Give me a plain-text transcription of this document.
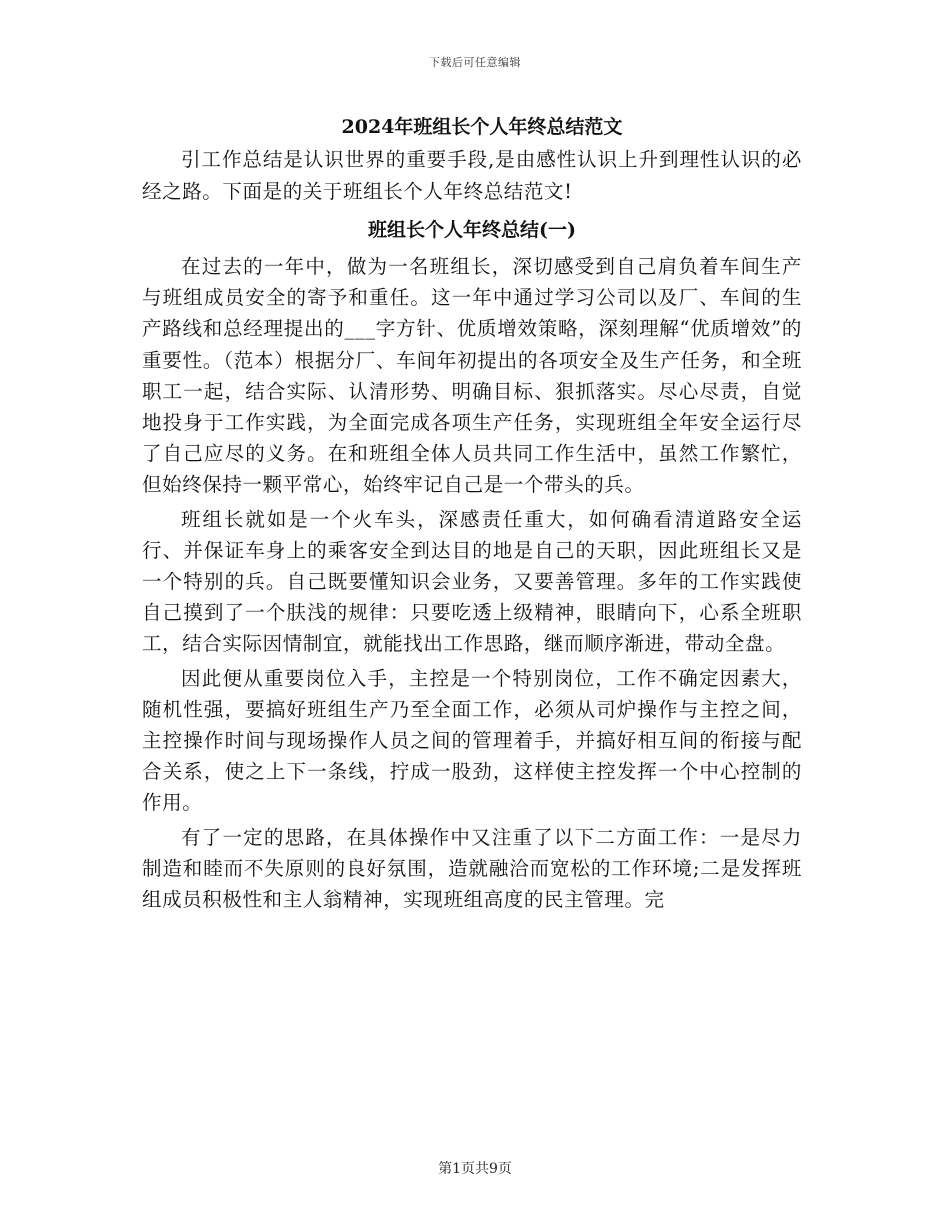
下载后可任意编辑
2024年班组长个人年终总结范文

引工作总结是认识世界的重要手段,是由感性认识上升到理性认识的必经之路。下面是的关于班组长个人年终总结范文!

班组长个人年终总结(一)

在过去的一年中，做为一名班组长，深切感受到自己肩负着车间生产与班组成员安全的寄予和重任。这一年中通过学习公司以及厂、车间的生产路线和总经理提出的___字方针、优质增效策略，深刻理解“优质增效”的重要性。（范本）根据分厂、车间年初提出的各项安全及生产任务，和全班职工一起，结合实际、认清形势、明确目标、狠抓落实。尽心尽责，自觉地投身于工作实践，为全面完成各项生产任务，实现班组全年安全运行尽了自己应尽的义务。在和班组全体人员共同工作生活中，虽然工作繁忙，但始终保持一颗平常心，始终牢记自己是一个带头的兵。

班组长就如是一个火车头，深感责任重大，如何确看清道路安全运行、并保证车身上的乘客安全到达目的地是自己的天职，因此班组长又是一个特别的兵。自己既要懂知识会业务，又要善管理。多年的工作实践使自己摸到了一个肤浅的规律：只要吃透上级精神，眼睛向下，心系全班职工，结合实际因情制宜，就能找出工作思路，继而顺序渐进，带动全盘。

因此便从重要岗位入手，主控是一个特别岗位，工作不确定因素大，随机性强，要搞好班组生产乃至全面工作，必须从司炉操作与主控之间，主控操作时间与现场操作人员之间的管理着手，并搞好相互间的衔接与配合关系，使之上下一条线，拧成一股劲，这样使主控发挥一个中心控制的作用。

有了一定的思路，在具体操作中又注重了以下二方面工作：一是尽力制造和睦而不失原则的良好氛围，造就融洽而宽松的工作环境;二是发挥班组成员积极性和主人翁精神，实现班组高度的民主管理。完

第1页共9页
